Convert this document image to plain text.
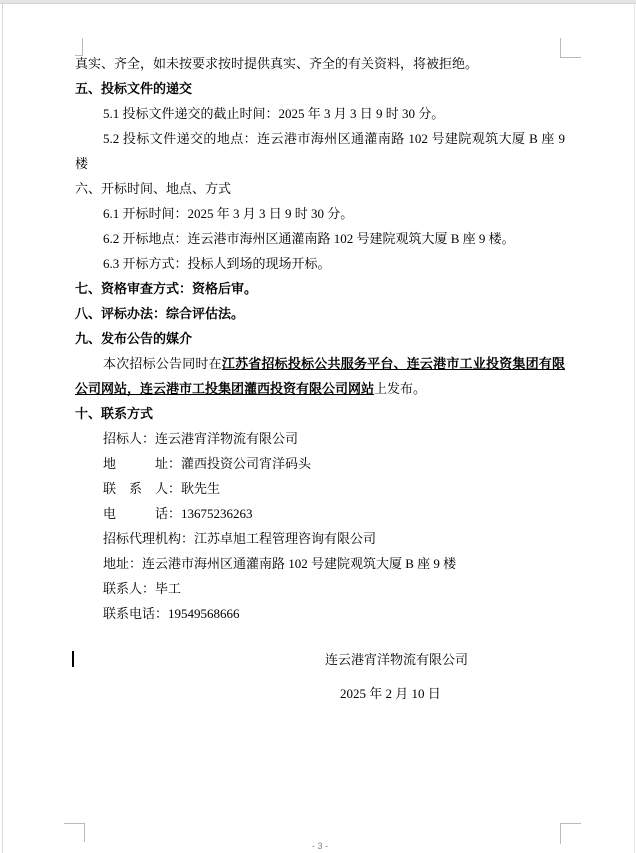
真实、齐全，如未按要求按时提供真实、齐全的有关资料，将被拒绝。

五、投标文件的递交

5.1 投标文件递交的截止时间：2025 年 3 月 3 日 9 时 30 分。

5.2 投标文件递交的地点：连云港市海州区通灌南路 102 号建院观筑大厦 B 座 9

楼

六、开标时间、地点、方式

6.1 开标时间：2025 年 3 月 3 日 9 时 30 分。

6.2 开标地点：连云港市海州区通灌南路 102 号建院观筑大厦 B 座 9 楼。

6.3 开标方式：投标人到场的现场开标。

七、资格审查方式：资格后审。

八、评标办法：综合评估法。

九、发布公告的媒介

本次招标公告同时在江苏省招标投标公共服务平台、连云港市工业投资集团有限

公司网站，连云港市工投集团灌西投资有限公司网站上发布。

十、联系方式

招标人：连云港宵洋物流有限公司

地　　　址：灌西投资公司宵洋码头

联　系　人：耿先生

电　　　话：13675236263

招标代理机构：江苏卓旭工程管理咨询有限公司

地址：连云港市海州区通灌南路 102 号建院观筑大厦 B 座 9 楼

联系人：毕工

联系电话：19549568666

连云港宵洋物流有限公司

2025 年 2 月 10 日

- 3 -
